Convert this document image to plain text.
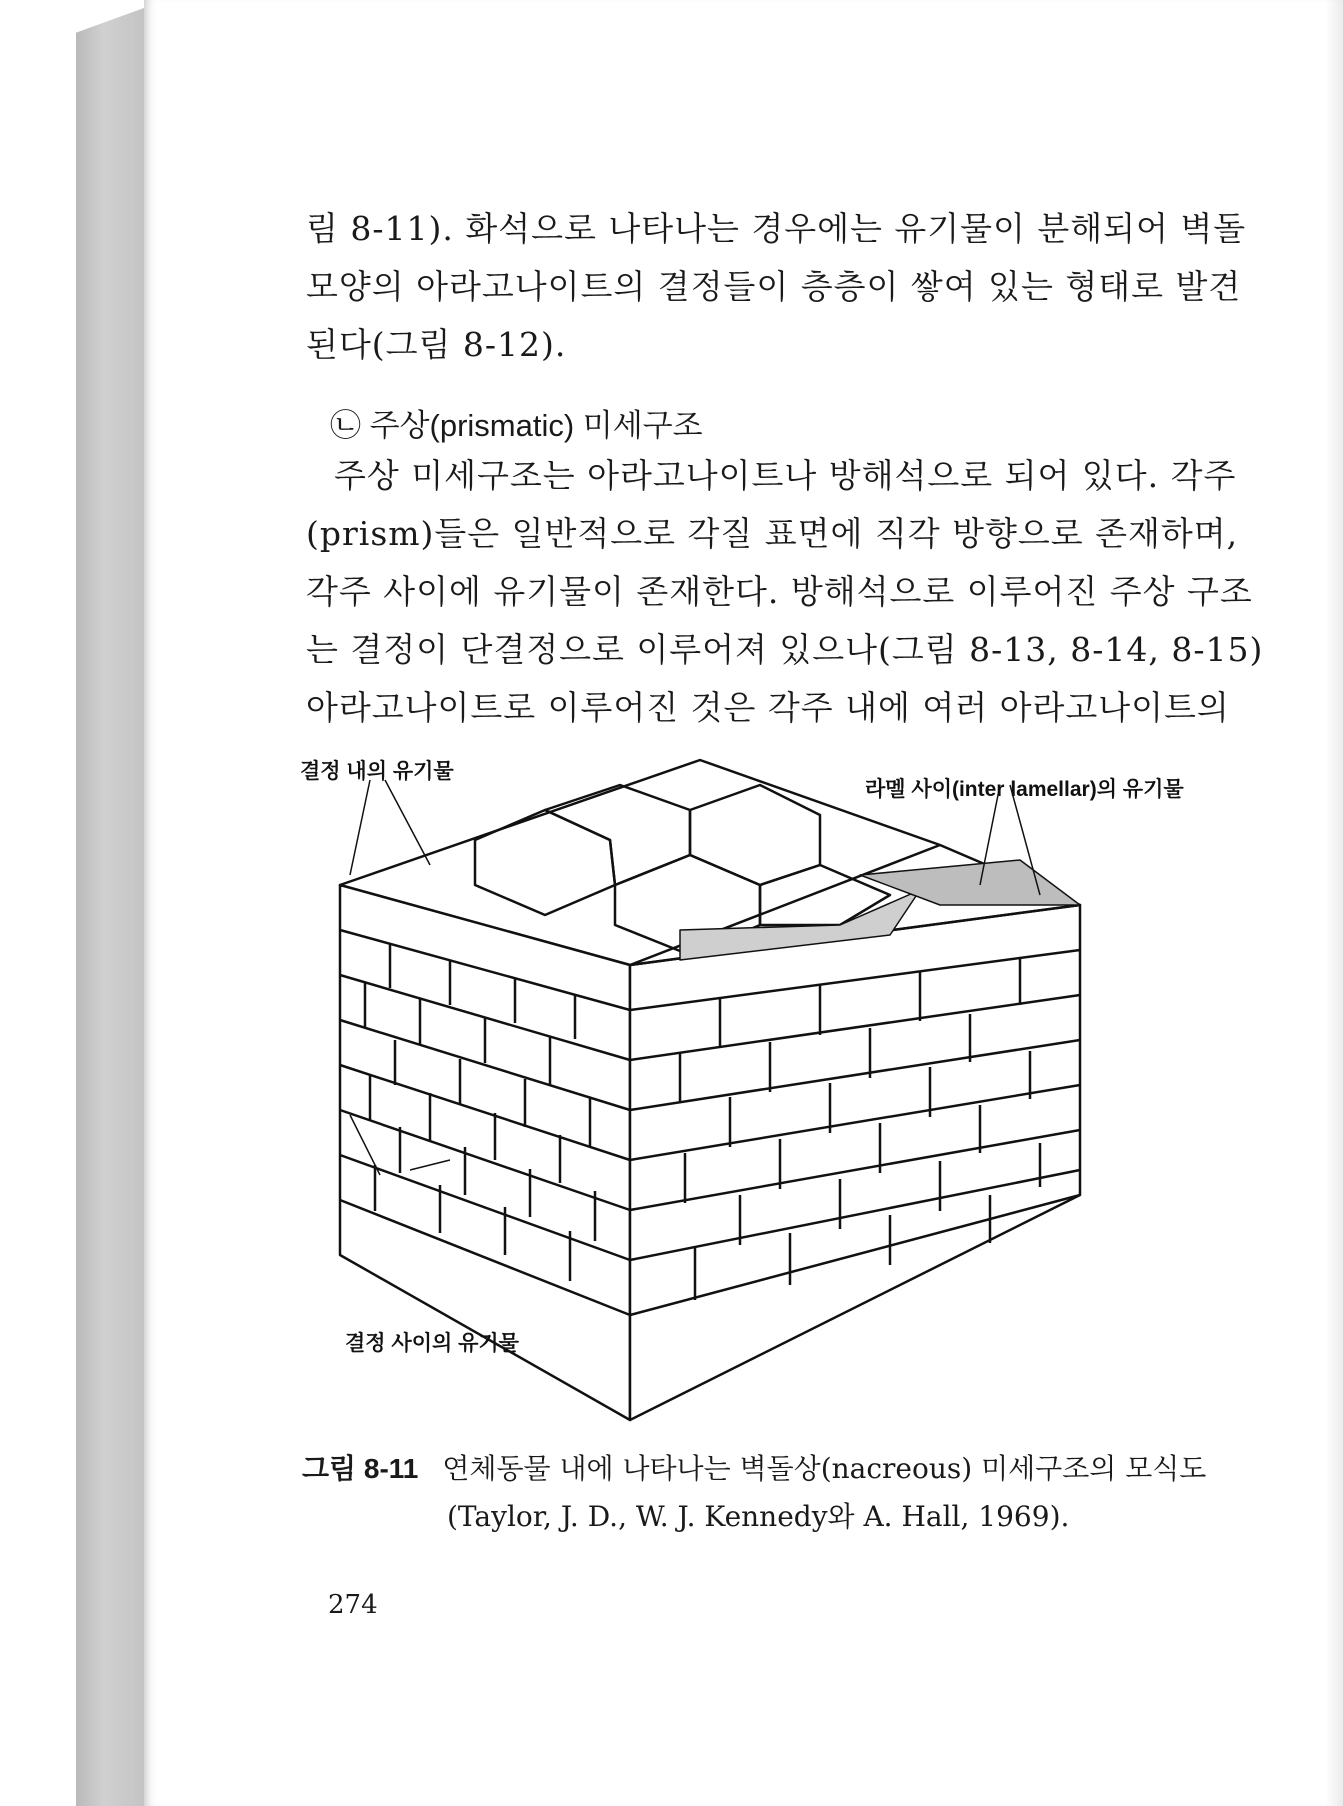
림 8-11). 화석으로 나타나는 경우에는 유기물이 분해되어 벽돌
모양의 아라고나이트의 결정들이 층층이 쌓여 있는 형태로 발견
된다(그림 8-12).
㉡ 주상(prismatic) 미세구조
주상 미세구조는 아라고나이트나 방해석으로 되어 있다. 각주
(prism)들은 일반적으로 각질 표면에 직각 방향으로 존재하며,
각주 사이에 유기물이 존재한다. 방해석으로 이루어진 주상 구조
는 결정이 단결정으로 이루어져 있으나(그림 8-13, 8-14, 8-15)
아라고나이트로 이루어진 것은 각주 내에 여러 아라고나이트의
결정 내의 유기물
라멜 사이(inter lamellar)의 유기물
결정 사이의 유기물
그림 8-11 연체동물 내에 나타나는 벽돌상(nacreous) 미세구조의 모식도
(Taylor, J. D., W. J. Kennedy와 A. Hall, 1969).
274
